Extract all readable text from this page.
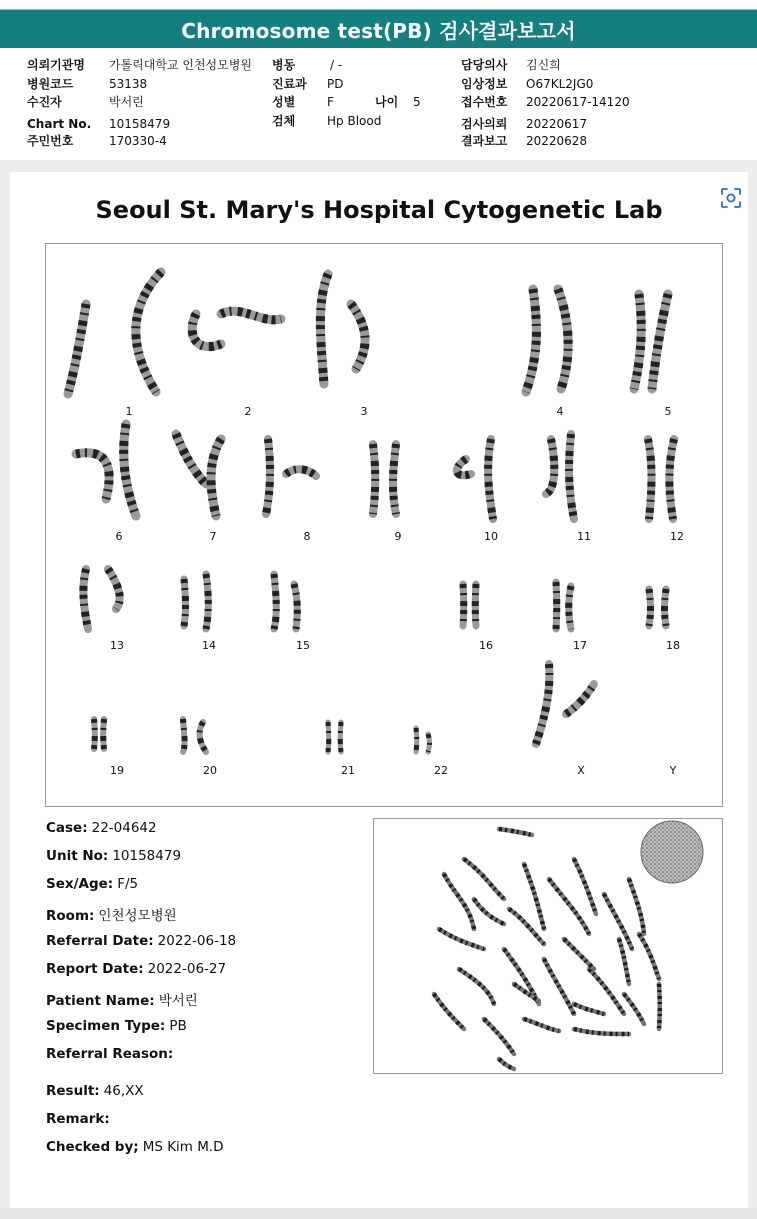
Chromosome test(PB) 검사결과보고서
의뢰기관명 가톨릭대학교 인천성모병원
병원코드	53138
수진자	박서린
Chart No. 10158479
주민번호	170330-4
병동	/ -
진료과 PD
성별	F	나이 5
검체	Hp Blood
담당의사 김신희
임상정보 O67KL2JG0
접수번호 20220617-14120
검사의뢰 20220617
결과보고 20220628
Seoul St. Mary's Hospital Cytogenetic Lab
1	2	3	4	5
6	7	8	9	10	11	12
13	14	15	16	17	18
19	20	21	22	X	Y
Case: 22-04642
Unit No: 10158479
Sex/Age: F/5
Room: 인천성모병원
Referral Date: 2022-06-18
Report Date: 2022-06-27
Patient Name: 박서린
Specimen Type: PB
Referral Reason:
Result: 46,XX
Remark:
Checked by; MS Kim M.D
